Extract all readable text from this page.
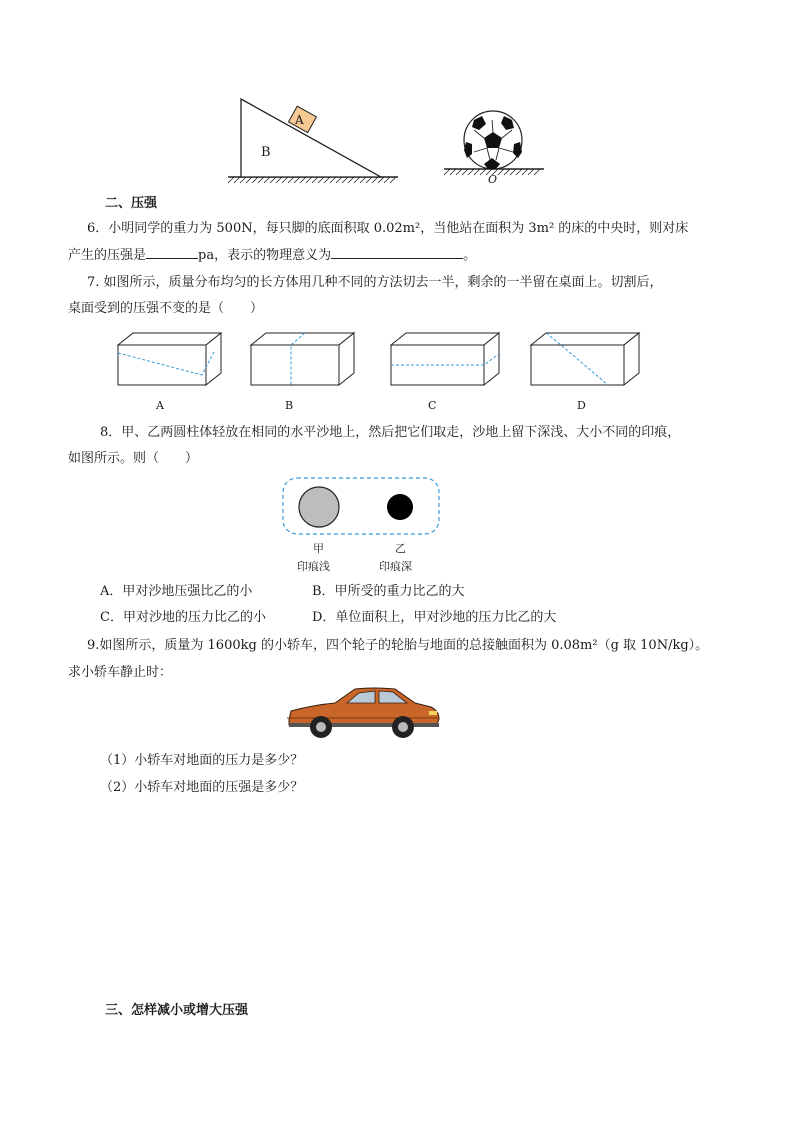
A
B
O
二、压强
6．小明同学的重力为 500N，每只脚的底面积取 0.02m²，当他站在面积为 3m² 的床的中央时，则对床
产生的压强是	pa，表示的物理意义为	。
7. 如图所示，质量分布均匀的长方体用几种不同的方法切去一半，剩余的一半留在桌面上。切割后，
桌面受到的压强不变的是（　　）
A	B	C	D
8．甲、乙两圆柱体轻放在相同的水平沙地上，然后把它们取走，沙地上留下深浅、大小不同的印痕，
如图所示。则（　　）
甲
印痕浅
乙
印痕深
A．甲对沙地压强比乙的小	B．甲所受的重力比乙的大
C．甲对沙地的压力比乙的小	D．单位面积上，甲对沙地的压力比乙的大
9.如图所示，质量为 1600kg 的小轿车，四个轮子的轮胎与地面的总接触面积为 0.08m²（g 取 10N/kg）。
求小轿车静止时：
（1）小轿车对地面的压力是多少？
（2）小轿车对地面的压强是多少？
三、怎样减小或增大压强
